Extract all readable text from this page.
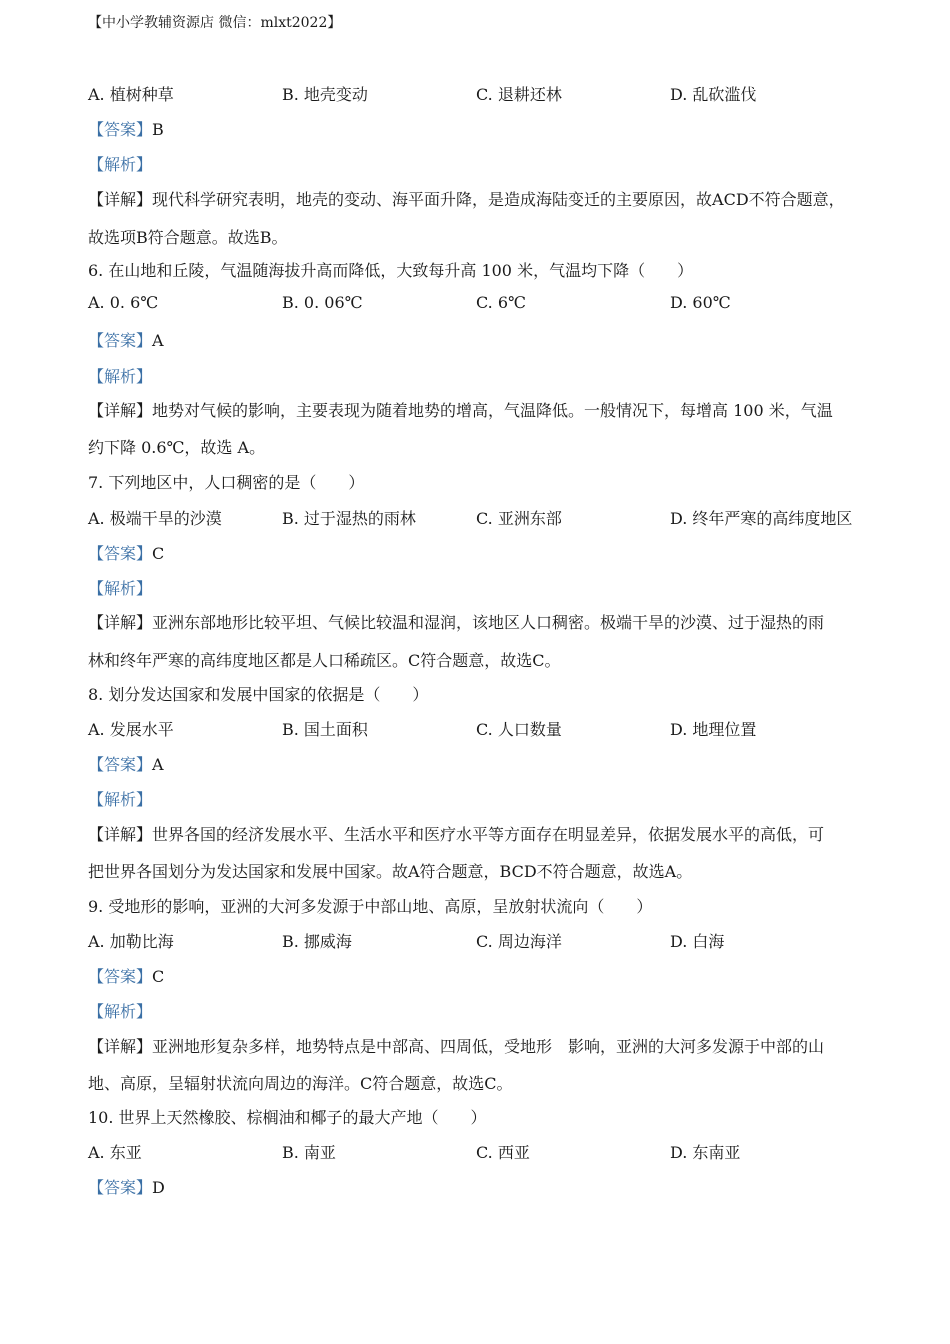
【中小学教辅资源店 微信：mlxt2022】
A. 植树种草	B. 地壳变动	C. 退耕还林	D. 乱砍滥伐
【答案】B
【解析】
【详解】现代科学研究表明，地壳的变动、海平面升降，是造成海陆变迁的主要原因，故ACD不符合题意，
故选项B符合题意。故选B。
6. 在山地和丘陵，气温随海拔升高而降低，大致每升高 100 米，气温均下降（　　）
A. 0. 6℃	B. 0. 06℃	C. 6℃	D. 60℃
【答案】A
【解析】
【详解】地势对气候的影响，主要表现为随着地势的增高，气温降低。一般情况下，每增高 100 米，气温
约下降 0.6℃，故选 A。
7. 下列地区中，人口稠密的是（　　）
A. 极端干旱的沙漠	B. 过于湿热的雨林	C. 亚洲东部	D. 终年严寒的高纬度地区
【答案】C
【解析】
【详解】亚洲东部地形比较平坦、气候比较温和湿润，该地区人口稠密。极端干旱的沙漠、过于湿热的雨
林和终年严寒的高纬度地区都是人口稀疏区。C符合题意，故选C。
8. 划分发达国家和发展中国家的依据是（　　）
A. 发展水平	B. 国土面积	C. 人口数量	D. 地理位置
【答案】A
【解析】
【详解】世界各国的经济发展水平、生活水平和医疗水平等方面存在明显差异，依据发展水平的高低，可
把世界各国划分为发达国家和发展中国家。故A符合题意，BCD不符合题意，故选A。
9. 受地形的影响，亚洲的大河多发源于中部山地、高原，呈放射状流向（　　）
A. 加勒比海	B. 挪威海	C. 周边海洋	D. 白海
【答案】C
【解析】
【详解】亚洲地形复杂多样，地势特点是中部高、四周低，受地形　影响，亚洲的大河多发源于中部的山
地、高原，呈辐射状流向周边的海洋。C符合题意，故选C。
10. 世界上天然橡胶、棕榈油和椰子的最大产地（　　）
A. 东亚	B. 南亚	C. 西亚	D. 东南亚
【答案】D
